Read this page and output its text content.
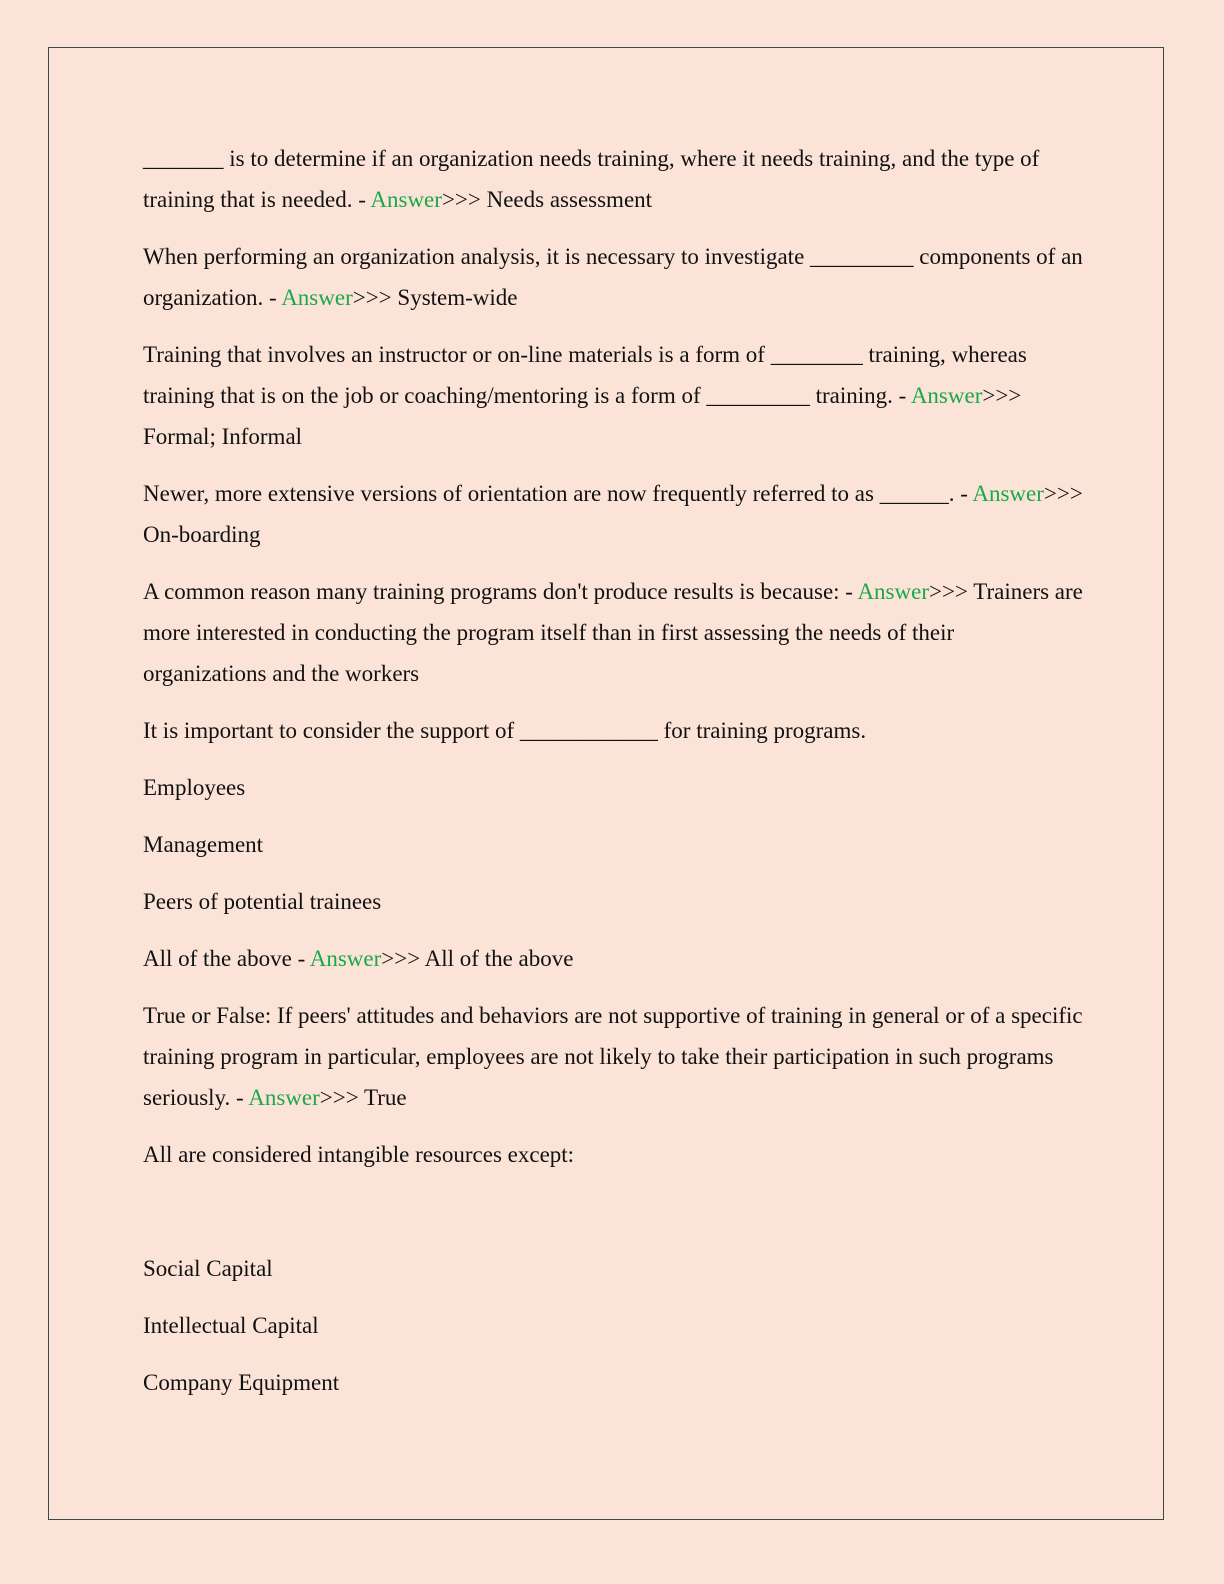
_______ is to determine if an organization needs training, where it needs training, and the type of training that is needed. - Answer>>> Needs assessment

When performing an organization analysis, it is necessary to investigate _________ components of an organization. - Answer>>> System-wide

Training that involves an instructor or on-line materials is a form of ________ training, whereas training that is on the job or coaching/mentoring is a form of _________ training. - Answer>>> Formal; Informal

Newer, more extensive versions of orientation are now frequently referred to as ______. - Answer>>> On-boarding

A common reason many training programs don't produce results is because: - Answer>>> Trainers are more interested in conducting the program itself than in first assessing the needs of their organizations and the workers

It is important to consider the support of ____________ for training programs.

Employees

Management

Peers of potential trainees

All of the above - Answer>>> All of the above

True or False: If peers' attitudes and behaviors are not supportive of training in general or of a specific training program in particular, employees are not likely to take their participation in such programs seriously. - Answer>>> True

All are considered intangible resources except:

Social Capital

Intellectual Capital

Company Equipment
